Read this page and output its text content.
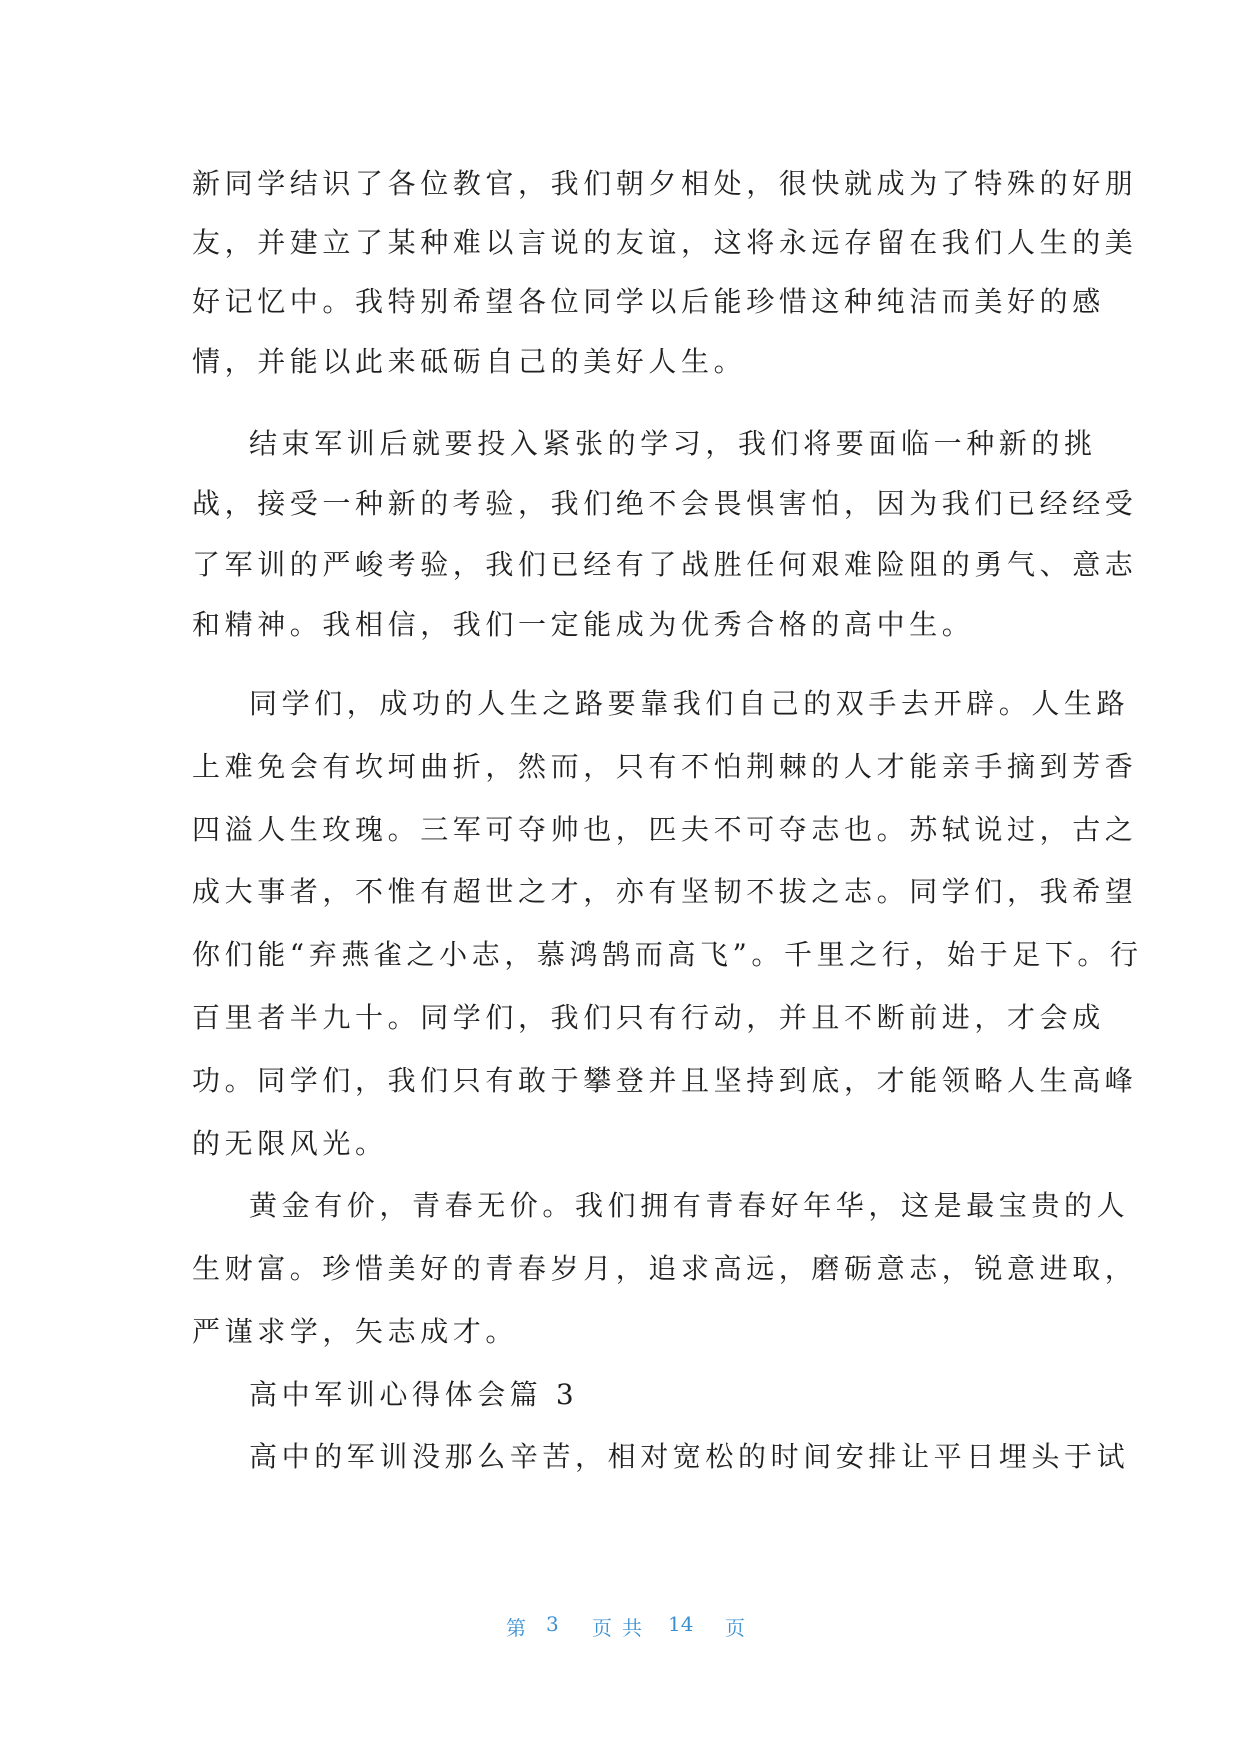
新同学结识了各位教官，我们朝夕相处，很快就成为了特殊的好朋
友，并建立了某种难以言说的友谊，这将永远存留在我们人生的美
好记忆中。我特别希望各位同学以后能珍惜这种纯洁而美好的感
情，并能以此来砥砺自己的美好人生。
结束军训后就要投入紧张的学习，我们将要面临一种新的挑
战，接受一种新的考验，我们绝不会畏惧害怕，因为我们已经经受
了军训的严峻考验，我们已经有了战胜任何艰难险阻的勇气、意志
和精神。我相信，我们一定能成为优秀合格的高中生。
同学们，成功的人生之路要靠我们自己的双手去开辟。人生路
上难免会有坎坷曲折，然而，只有不怕荆棘的人才能亲手摘到芳香
四溢人生玫瑰。三军可夺帅也，匹夫不可夺志也。苏轼说过，古之
成大事者，不惟有超世之才，亦有坚韧不拔之志。同学们，我希望
你们能“弃燕雀之小志，慕鸿鹄而高飞”。千里之行，始于足下。行
百里者半九十。同学们，我们只有行动，并且不断前进，才会成
功。同学们，我们只有敢于攀登并且坚持到底，才能领略人生高峰
的无限风光。
黄金有价，青春无价。我们拥有青春好年华，这是最宝贵的人
生财富。珍惜美好的青春岁月，追求高远，磨砺意志，锐意进取，
严谨求学，矢志成才。
高中军训心得体会篇 3
高中的军训没那么辛苦，相对宽松的时间安排让平日埋头于试
第 3 页共 14 页
